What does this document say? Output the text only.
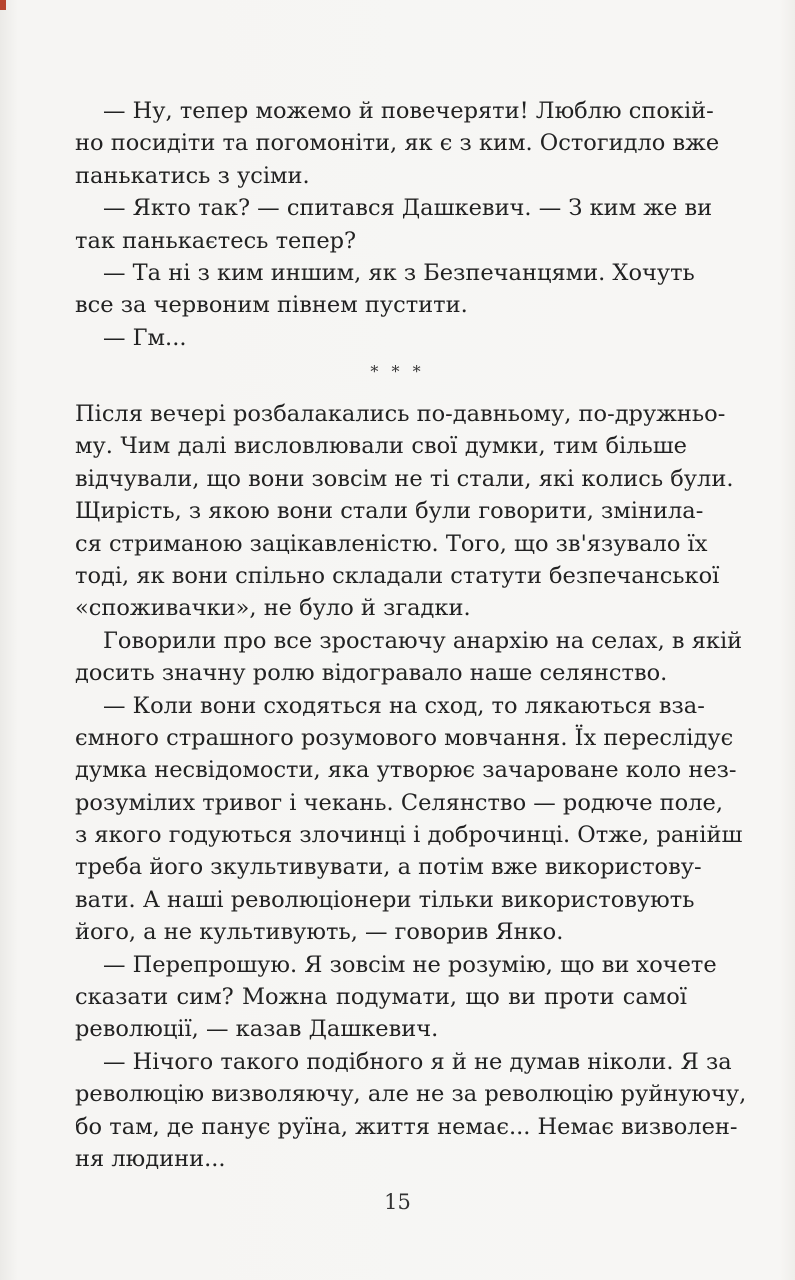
— Ну, тепер можемо й повечеряти! Люблю спокій-
но посидіти та погомоніти, як є з ким. Остогидло вже
панькатись з усіми.
— Якто так? — спитався Дашкевич. — З ким же ви
так панькаєтесь тепер?
— Та ні з ким иншим, як з Безпечанцями. Хочуть
все за червоним півнем пустити.
— Гм...
* * *
Після вечері розбалакались по-давньому, по-дружньо-
му. Чим далі висловлювали свої думки, тим більше
відчували, що вони зовсім не ті стали, які колись були.
Щирість, з якою вони стали були говорити, змінила-
ся стриманою зацікавленістю. Того, що зв'язувало їх
тоді, як вони спільно складали статути безпечанської
«споживачки», не було й згадки.
Говорили про все зростаючу анархію на селах, в якій
досить значну ролю відогравало наше селянство.
— Коли вони сходяться на сход, то лякаються вза-
ємного страшного розумового мовчання. Їх переслідує
думка несвідомости, яка утворює зачароване коло нез-
розумілих тривог і чекань. Селянство — родюче поле,
з якого годуються злочинці і доброчинці. Отже, ранійш
треба його зкультивувати, а потім вже використову-
вати. А наші революціонери тільки використовують
його, а не культивують, — говорив Янко.
— Перепрошую. Я зовсім не розумію, що ви хочете
сказати сим? Можна подумати, що ви проти самої
революції, — казав Дашкевич.
— Нічого такого подібного я й не думав ніколи. Я за
революцію визволяючу, але не за революцію руйнуючу,
бо там, де панує руїна, життя немає... Немає визволен-
ня людини...
15
